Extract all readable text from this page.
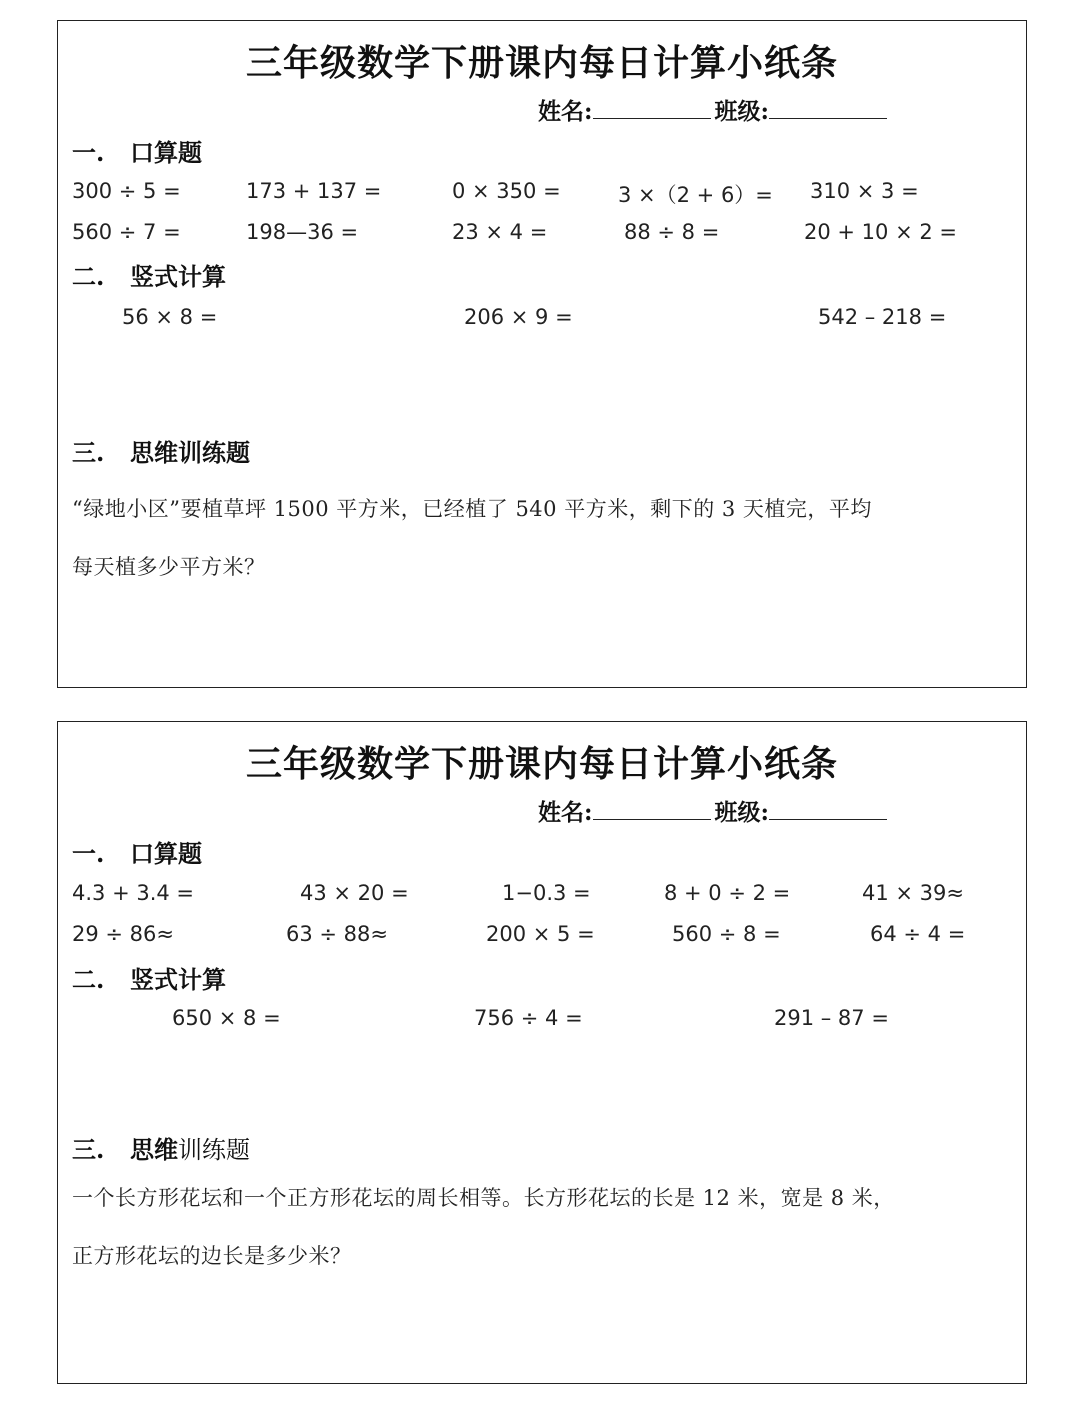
三年级数学下册课内每日计算小纸条
姓名:	班级:
一. 口算题
300 ÷ 5 =	173 + 137 =	0 × 350 =	3 ×（2 + 6）= 310 × 3 =
560 ÷ 7 =	198—36 =	23 × 4 =	88 ÷ 8 =	20 + 10 × 2 =
二. 竖式计算
56 × 8 =	206 × 9 =	542 – 218 =
三. 思维训练题
“绿地小区”要植草坪 1500 平方米，已经植了 540 平方米，剩下的 3 天植完，平均
每天植多少平方米？
三年级数学下册课内每日计算小纸条
姓名:	班级:
一. 口算题
4.3 + 3.4 =	43 × 20 =	1−0.3 =	8 + 0 ÷ 2 =	41 × 39≈
29 ÷ 86≈	63 ÷ 88≈	200 × 5 =	560 ÷ 8 =	64 ÷ 4 =
二. 竖式计算
650 × 8 =	756 ÷ 4 =	291 – 87 =
三. 思维训练题
一个长方形花坛和一个正方形花坛的周长相等。长方形花坛的长是 12 米，宽是 8 米，
正方形花坛的边长是多少米？
